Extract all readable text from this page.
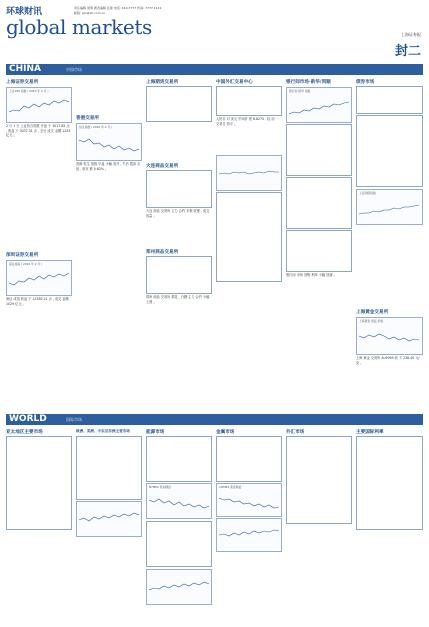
环球财讯
global markets
责任编辑 周明 图表编辑 张蕾 电话: 010-7777 传真: 7777-1111
邮箱: gm@sh.com.cn
上海证券报
封二
CHINA	中国市场
上海证券交易所
上证180 指数 ( 2010 年 2 月 )
2 月 1 日 上证综合指数 开盘 于 3017.82 点 , 收盘 于 3037.31 点 , 全日 成交 金额 1243 亿元 。
深圳证券交易所
深证成指 ( 2010 年 2 月 )
深证 成指 收盘 于 12385.21 点 , 成交 金额 1029 亿元 。
香港交易所
恒生指数 ( 2010 年 2 月 )
香港 恒生 指数 早盘 小幅 高开 , 午后 震荡 走低 , 收市 跌 0.62% 。
上海期货交易所
大连商品交易所
大连 商品 交易所 主力 合约 多数 收涨 , 成交 放量 。
郑州商品交易所
郑州 商品 交易所 棉花 , 白糖 主力 合约 小幅 上涨 。
中国外汇交易中心
人民币 对 美元 中间价 报 6.8270 , 较 前 一 交易日 持平 。
银行间市场·新华/同顺
银行间 债券 指数
银行间 市场 回购 利率 小幅 回落 。
债券市场
上证国债指数
上海黄金交易所
上海黄金 现货 价格
上海 黄金 交易所 Au9995 收 于 238.40 元/克 。
WORLD	国际市场
亚太地区主要市场	欧洲、美洲、中东及非洲主要市场	能源市场
NYMEX 原油期货
金属市场
COMEX 黄金期货
外汇市场	主要国际利率
